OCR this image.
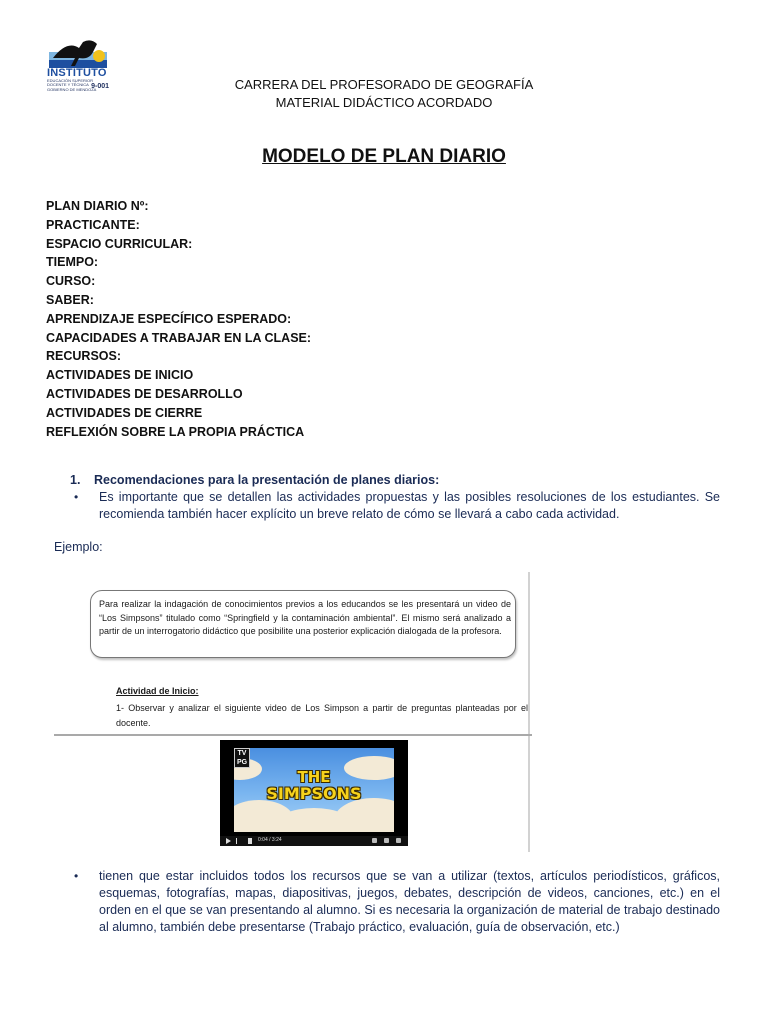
INSTITUTO
EDUCACIÓN SUPERIOR
DOCENTE Y TÉCNICA
GOBIERNO DE MENDOZA
9-001	CARRERA DEL PROFESORADO DE GEOGRAFÍA
MATERIAL DIDÁCTICO ACORDADO
MODELO DE PLAN DIARIO
PLAN DIARIO Nº:
PRACTICANTE:
ESPACIO CURRICULAR:
TIEMPO:
CURSO:
SABER:
APRENDIZAJE ESPECÍFICO ESPERADO:
CAPACIDADES A TRABAJAR EN LA CLASE:
RECURSOS:
ACTIVIDADES DE INICIO
ACTIVIDADES DE DESARROLLO
ACTIVIDADES DE CIERRE
REFLEXIÓN SOBRE LA PROPIA PRÁCTICA
1. Recomendaciones para la presentación de planes diarios:
• Es importante que se detallen las actividades propuestas y las posibles resoluciones de los estudiantes. Se recomienda también hacer explícito un breve relato de cómo se llevará a cabo cada actividad.
Ejemplo:
Para realizar la indagación de conocimientos previos a los educandos se les presentará un video de “Los Simpsons” titulado como “Springfield y la contaminación ambiental”. El mismo será analizado a partir de un interrogatorio didáctico que posibilite una posterior explicación dialogada de la profesora.
Actividad de Inicio:
1- Observar y analizar el siguiente video de Los Simpson a partir de preguntas planteadas por el docente.
THE
SIMPSONS
TV
PG
0:04 / 3:24
• tienen que estar incluidos todos los recursos que se van a utilizar (textos, artículos periodísticos, gráficos, esquemas, fotografías, mapas, diapositivas, juegos, debates, descripción de videos, canciones, etc.) en el orden en el que se van presentando al alumno. Si es necesaria la organización de material de trabajo destinado al alumno, también debe presentarse (Trabajo práctico, evaluación, guía de observación, etc.)
